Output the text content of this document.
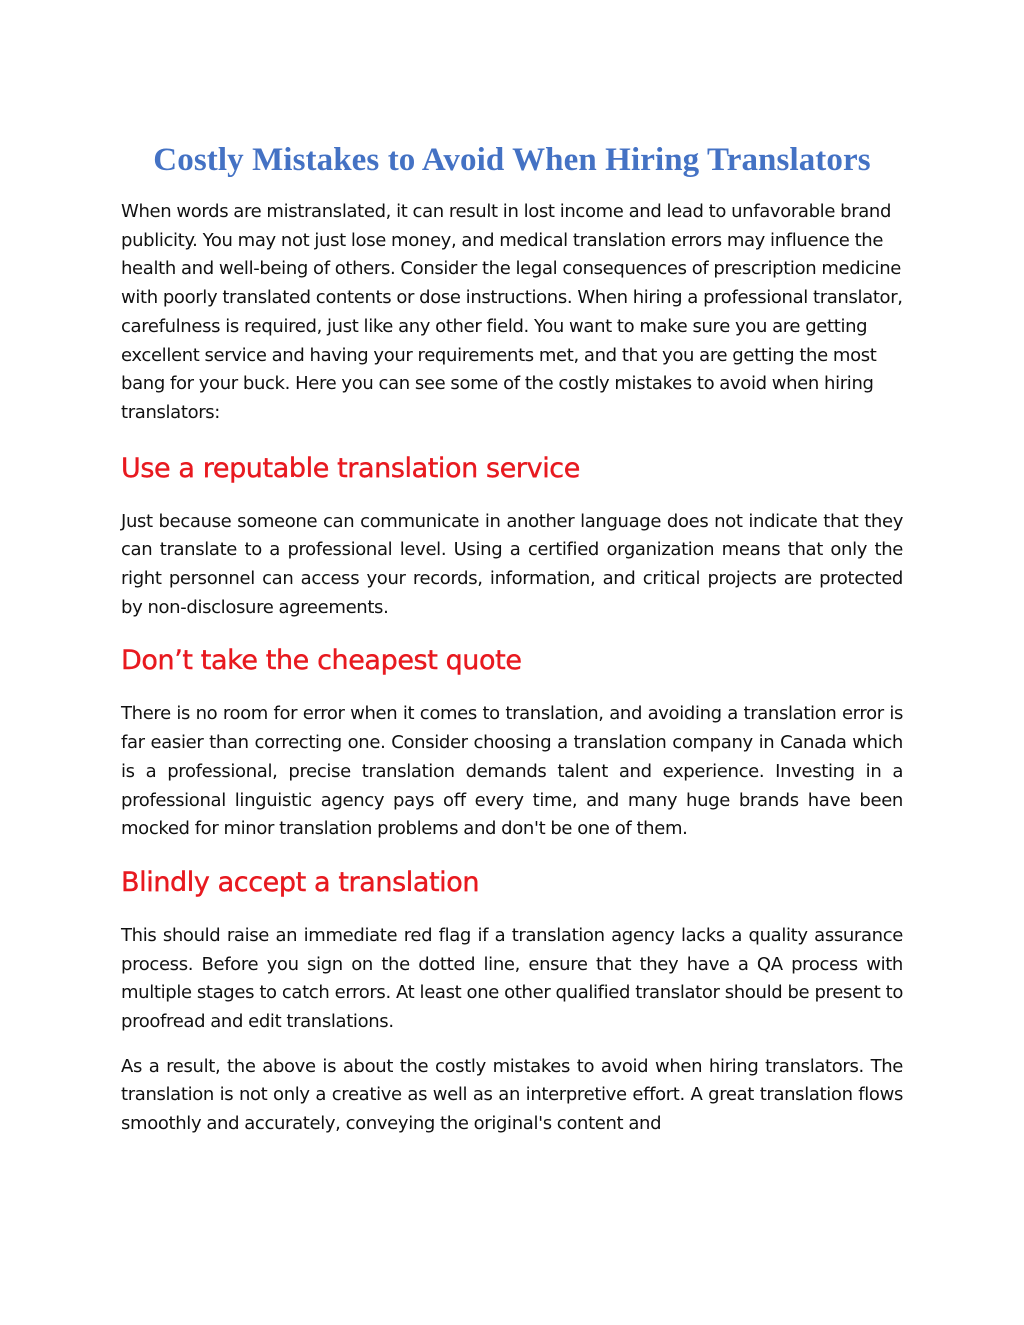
Costly Mistakes to Avoid When Hiring Translators

When words are mistranslated, it can result in lost income and lead to unfavorable brand publicity. You may not just lose money, and medical translation errors may influence the health and well-being of others. Consider the legal consequences of prescription medicine with poorly translated contents or dose instructions. When hiring a professional translator, carefulness is required, just like any other field. You want to make sure you are getting excellent service and having your requirements met, and that you are getting the most bang for your buck. Here you can see some of the costly mistakes to avoid when hiring translators:

Use a reputable translation service

Just because someone can communicate in another language does not indicate that they can translate to a professional level. Using a certified organization means that only the right personnel can access your records, information, and critical projects are protected by non-disclosure agreements.

Don’t take the cheapest quote

There is no room for error when it comes to translation, and avoiding a translation error is far easier than correcting one. Consider choosing a translation company in Canada which is a professional, precise translation demands talent and experience. Investing in a professional linguistic agency pays off every time, and many huge brands have been mocked for minor translation problems and don't be one of them.

Blindly accept a translation

This should raise an immediate red flag if a translation agency lacks a quality assurance process. Before you sign on the dotted line, ensure that they have a QA process with multiple stages to catch errors. At least one other qualified translator should be present to proofread and edit translations.

As a result, the above is about the costly mistakes to avoid when hiring translators. The translation is not only a creative as well as an interpretive effort. A great translation flows smoothly and accurately, conveying the original's content and
